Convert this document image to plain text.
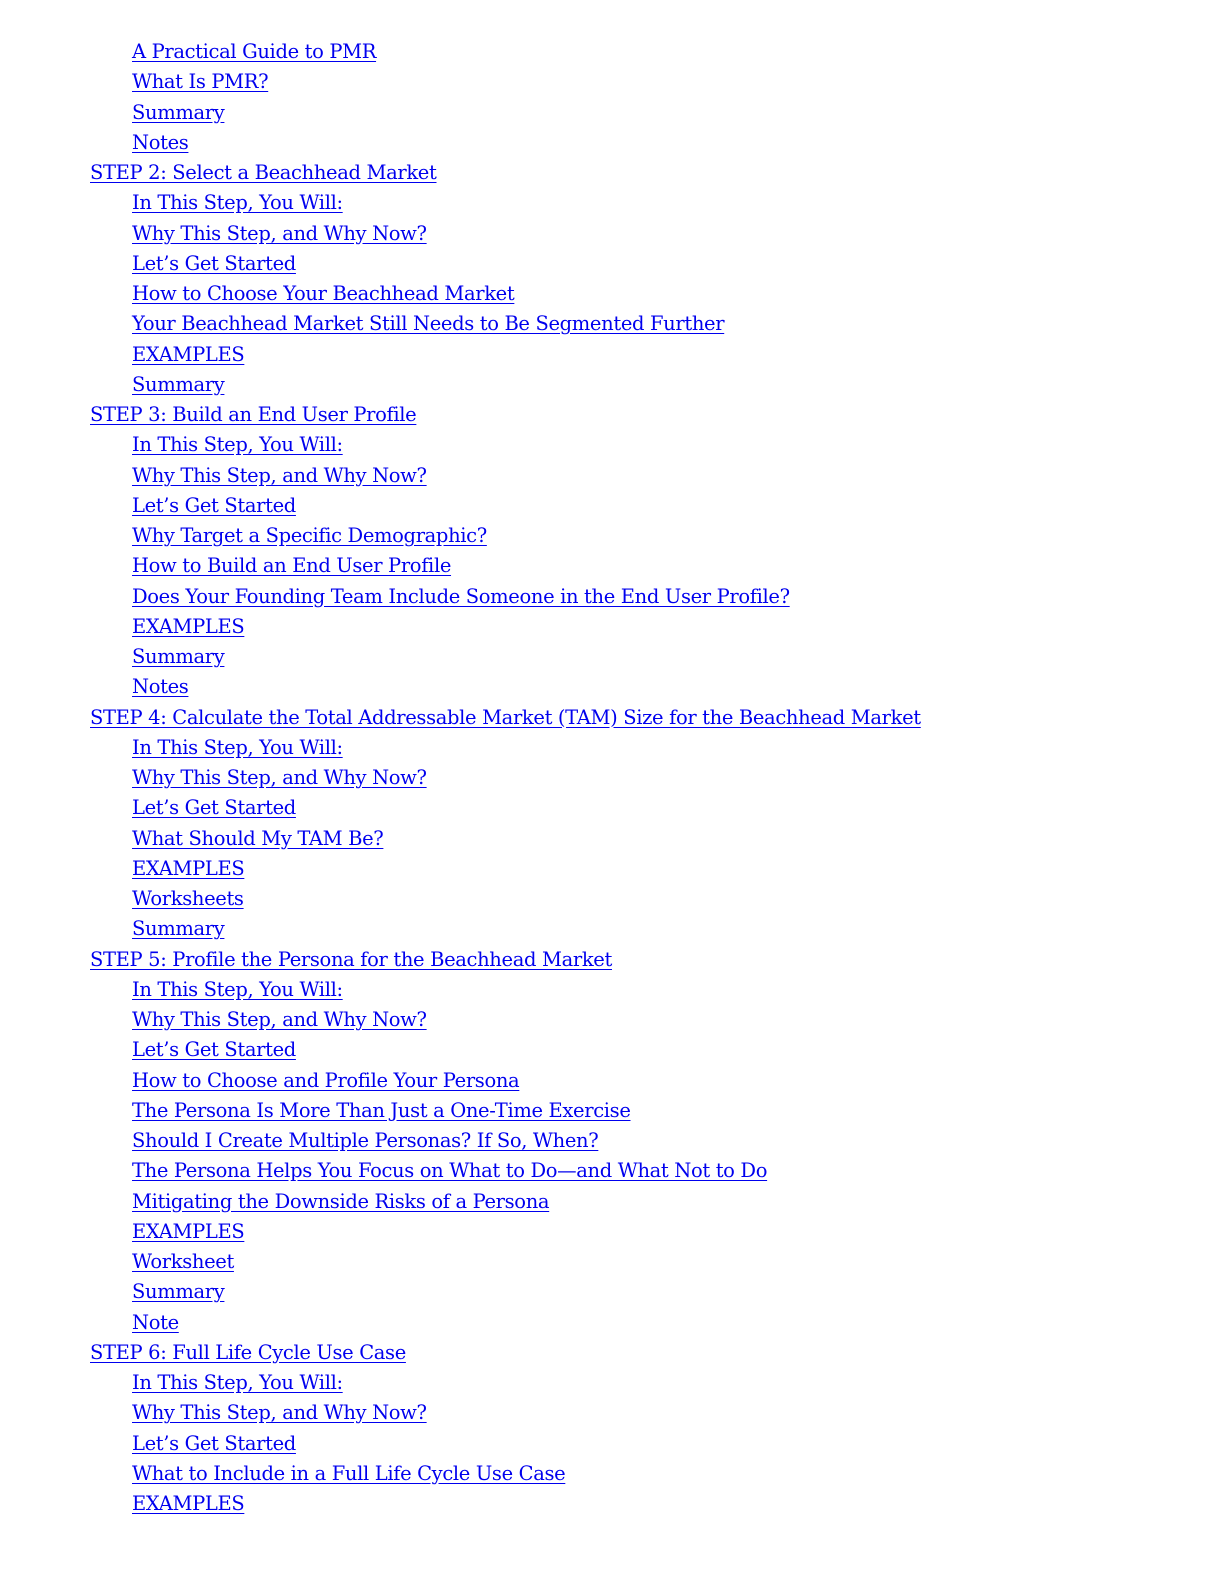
A Practical Guide to PMR
What Is PMR?
Summary
Notes
STEP 2: Select a Beachhead Market
In This Step, You Will:
Why This Step, and Why Now?
Let’s Get Started
How to Choose Your Beachhead Market
Your Beachhead Market Still Needs to Be Segmented Further
EXAMPLES
Summary
STEP 3: Build an End User Profile
In This Step, You Will:
Why This Step, and Why Now?
Let’s Get Started
Why Target a Specific Demographic?
How to Build an End User Profile
Does Your Founding Team Include Someone in the End User Profile?
EXAMPLES
Summary
Notes
STEP 4: Calculate the Total Addressable Market (TAM) Size for the Beachhead Market
In This Step, You Will:
Why This Step, and Why Now?
Let’s Get Started
What Should My TAM Be?
EXAMPLES
Worksheets
Summary
STEP 5: Profile the Persona for the Beachhead Market
In This Step, You Will:
Why This Step, and Why Now?
Let’s Get Started
How to Choose and Profile Your Persona
The Persona Is More Than Just a One-Time Exercise
Should I Create Multiple Personas? If So, When?
The Persona Helps You Focus on What to Do—and What Not to Do
Mitigating the Downside Risks of a Persona
EXAMPLES
Worksheet
Summary
Note
STEP 6: Full Life Cycle Use Case
In This Step, You Will:
Why This Step, and Why Now?
Let’s Get Started
What to Include in a Full Life Cycle Use Case
EXAMPLES
